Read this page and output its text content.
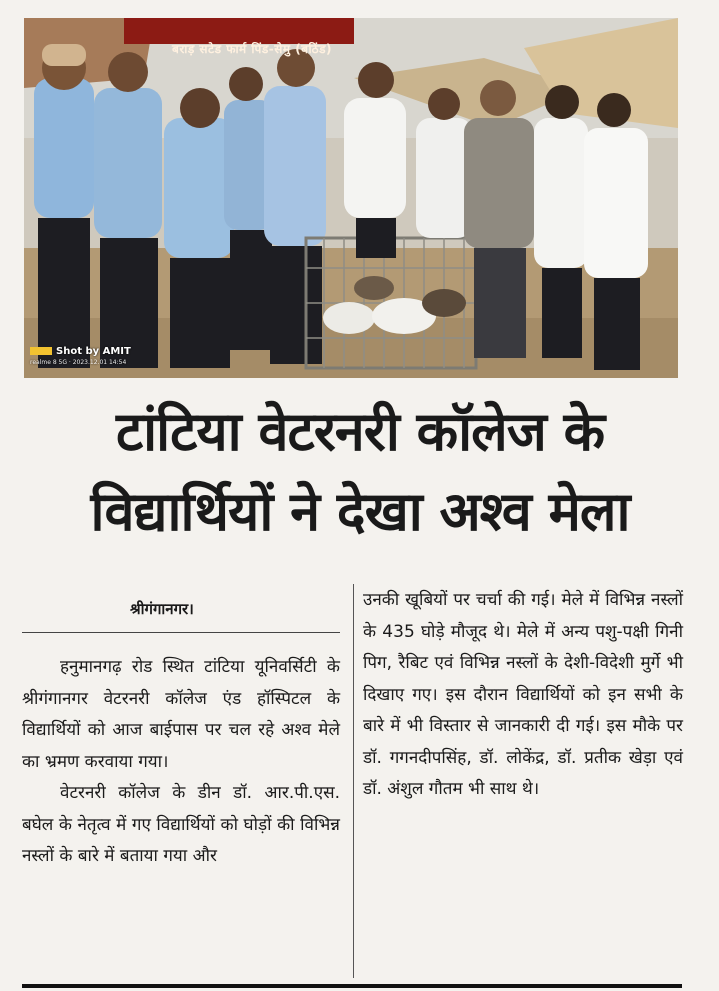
बराड़ सटेड फार्म पिंड-सेमु (बठिंड)
Shot by AMIT
realme 8 5G · 2023.12.01 14:54
टांटिया वेटरनरी कॉलेज के
विद्यार्थियों ने देखा अश्व मेला
श्रीगंगानगर।

हनुमानगढ़ रोड स्थित टांटिया यूनिवर्सिटी के श्रीगंगानगर वेटरनरी कॉलेज एंड हॉस्पिटल के विद्यार्थियों को आज बाईपास पर चल रहे अश्व मेले का भ्रमण करवाया गया।

वेटरनरी कॉलेज के डीन डॉ. आर.पी.एस. बघेल के नेतृत्व में गए विद्यार्थियों को घोड़ों की विभिन्न नस्लों के बारे में बताया गया और

उनकी खूबियों पर चर्चा की गई। मेले में विभिन्न नस्लों के 435 घोड़े मौजूद थे। मेले में अन्य पशु-पक्षी गिनी पिग, रैबिट एवं विभिन्न नस्लों के देशी-विदेशी मुर्गे भी दिखाए गए। इस दौरान विद्यार्थियों को इन सभी के बारे में भी विस्तार से जानकारी दी गई। इस मौके पर डॉ. गगनदीपसिंह, डॉ. लोकेंद्र, डॉ. प्रतीक खेड़ा एवं डॉ. अंशुल गौतम भी साथ थे।
